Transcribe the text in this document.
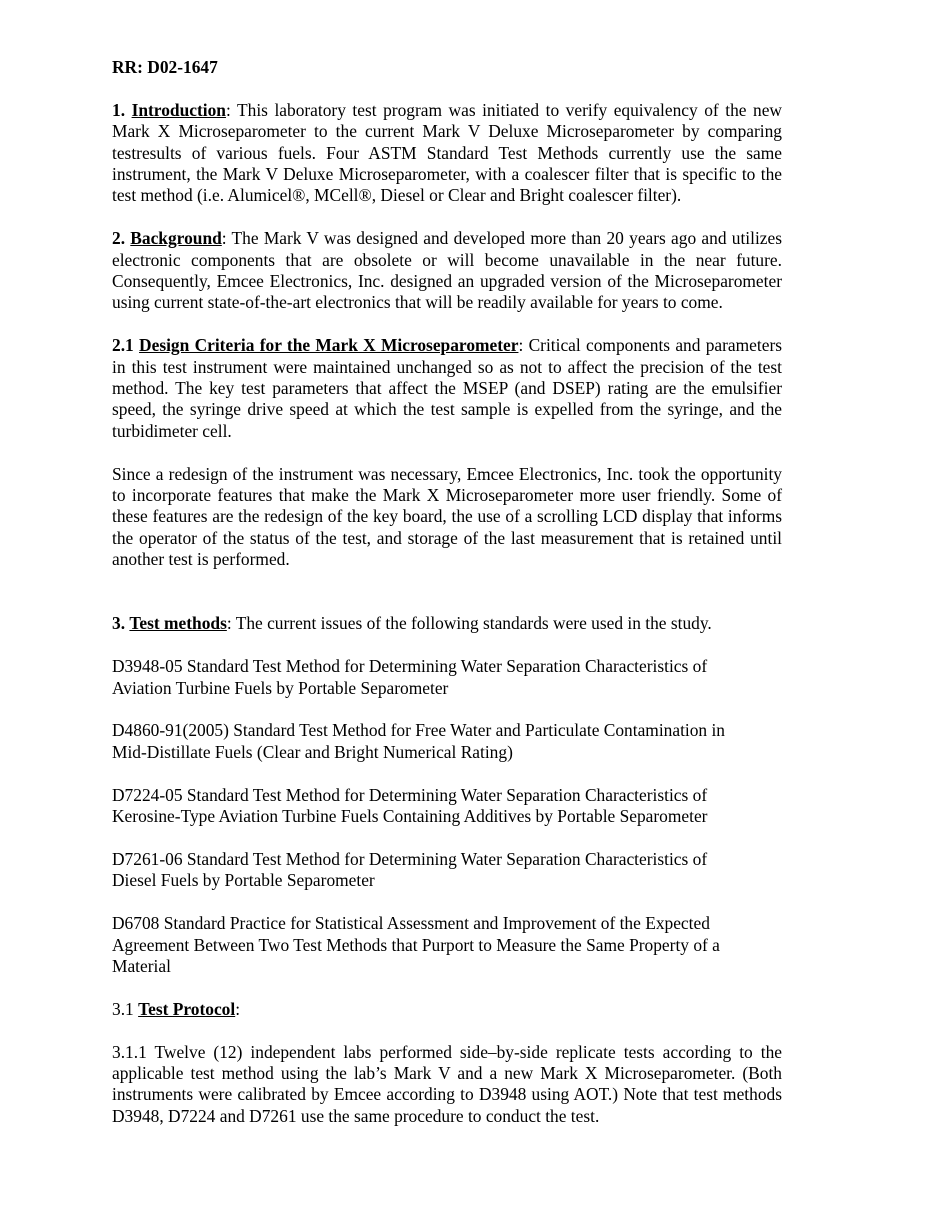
RR: D02-1647

1. Introduction: This laboratory test program was initiated to verify equivalency of the new Mark X Microseparometer to the current Mark V Deluxe Microseparometer by comparing testresults of various fuels. Four ASTM Standard Test Methods currently use the same instrument, the Mark V Deluxe Microseparometer, with a coalescer filter that is specific to the test method (i.e. Alumicel®, MCell®, Diesel or Clear and Bright coalescer filter).

2. Background: The Mark V was designed and developed more than 20 years ago and utilizes electronic components that are obsolete or will become unavailable in the near future. Consequently, Emcee Electronics, Inc. designed an upgraded version of the Microseparometer using current state-of-the-art electronics that will be readily available for years to come.

2.1 Design Criteria for the Mark X Microseparometer: Critical components and parameters in this test instrument were maintained unchanged so as not to affect the precision of the test method. The key test parameters that affect the MSEP (and DSEP) rating are the emulsifier speed, the syringe drive speed at which the test sample is expelled from the syringe, and the turbidimeter cell.

Since a redesign of the instrument was necessary, Emcee Electronics, Inc. took the opportunity to incorporate features that make the Mark X Microseparometer more user friendly. Some of these features are the redesign of the key board, the use of a scrolling LCD display that informs the operator of the status of the test, and storage of the last measurement that is retained until another test is performed.

3. Test methods: The current issues of the following standards were used in the study.

D3948-05 Standard Test Method for Determining Water Separation Characteristics of

Aviation Turbine Fuels by Portable Separometer

D4860-91(2005) Standard Test Method for Free Water and Particulate Contamination in

Mid-Distillate Fuels (Clear and Bright Numerical Rating)

D7224-05 Standard Test Method for Determining Water Separation Characteristics of

Kerosine-Type Aviation Turbine Fuels Containing Additives by Portable Separometer

D7261-06 Standard Test Method for Determining Water Separation Characteristics of

Diesel Fuels by Portable Separometer

D6708 Standard Practice for Statistical Assessment and Improvement of the Expected

Agreement Between Two Test Methods that Purport to Measure the Same Property of a

Material

3.1 Test Protocol:

3.1.1 Twelve (12) independent labs performed side–by-side replicate tests according to the applicable test method using the lab’s Mark V and a new Mark X Microseparometer. (Both instruments were calibrated by Emcee according to D3948 using AOT.) Note that test methods D3948, D7224 and D7261 use the same procedure to conduct the test.
